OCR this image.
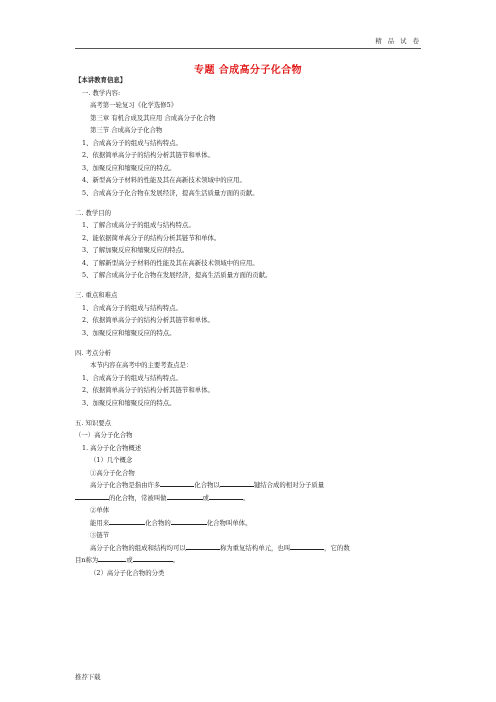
精 品 试 卷
专题 合成高分子化合物
【本讲教育信息】
一. 教学内容:
高考第一轮复习《化学选修5》
第三章 有机合成及其应用 合成高分子化合物
第三节 合成高分子化合物
1、合成高分子的组成与结构特点。
2、依据简单高分子的结构分析其链节和单体。
3、加聚反应和缩聚反应的特点。
4、新型高分子材料的性能及其在高新技术领域中的应用。
5、合成高分子化合物在发展经济，提高生活质量方面的贡献。
二. 教学目的
1、了解合成高分子的组成与结构特点。
2、能依据简单高分子的结构分析其链节和单体。
3、了解加聚反应和缩聚反应的特点。
4、了解新型高分子材料的性能及其在高新技术领域中的应用。
5、了解合成高分子化合物在发展经济，提高生活质量方面的贡献。
三. 重点和难点
1、合成高分子的组成与结构特点。
2、依据简单高分子的结构分析其链节和单体。
3、加聚反应和缩聚反应的特点。
四. 考点分析
本节内容在高考中的主要考查点是：
1、合成高分子的组成与结构特点。
2、依据简单高分子的结构分析其链节和单体。
3、加聚反应和缩聚反应的特点。
五. 知识要点
（一）高分子化合物
1. 高分子化合物概述
（1）几个概念
①高分子化合物
高分子化合物是指由许多	化合物以	键结合成的相对分子质量
的化合物，常被叫做	或	。
②单体
能用来	化合物的	化合物叫单体。
③链节
高分子化合物的组成和结构均可以	称为重复结构单元，也叫	，它的数
目n称为	或	。
（2）高分子化合物的分类
推荐下载
